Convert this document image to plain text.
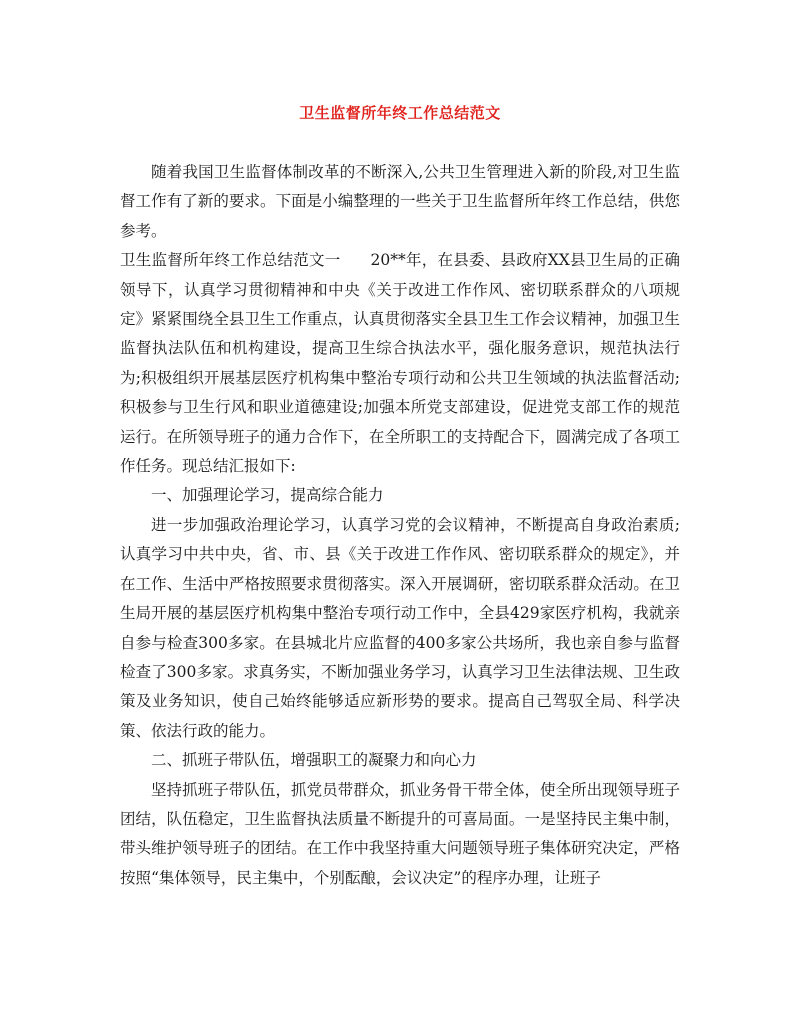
卫生监督所年终工作总结范文

随着我国卫生监督体制改革的不断深入,公共卫生管理进入新的阶段,对卫生监督工作有了新的要求。下面是小编整理的一些关于卫生监督所年终工作总结，供您参考。

卫生监督所年终工作总结范文一 20**年，在县委、县政府XX县卫生局的正确领导下，认真学习贯彻精神和中央《关于改进工作作风、密切联系群众的八项规定》紧紧围绕全县卫生工作重点，认真贯彻落实全县卫生工作会议精神，加强卫生监督执法队伍和机构建设，提高卫生综合执法水平，强化服务意识，规范执法行为;积极组织开展基层医疗机构集中整治专项行动和公共卫生领域的执法监督活动;积极参与卫生行风和职业道德建设;加强本所党支部建设，促进党支部工作的规范运行。在所领导班子的通力合作下，在全所职工的支持配合下，圆满完成了各项工作任务。现总结汇报如下:

一、加强理论学习，提高综合能力

进一步加强政治理论学习，认真学习党的会议精神，不断提高自身政治素质;认真学习中共中央，省、市、县《关于改进工作作风、密切联系群众的规定》，并在工作、生活中严格按照要求贯彻落实。深入开展调研，密切联系群众活动。在卫生局开展的基层医疗机构集中整治专项行动工作中，全县429家医疗机构，我就亲自参与检查300多家。在县城北片应监督的400多家公共场所，我也亲自参与监督检查了300多家。求真务实，不断加强业务学习，认真学习卫生法律法规、卫生政策及业务知识，使自己始终能够适应新形势的要求。提高自己驾驭全局、科学决策、依法行政的能力。

二、抓班子带队伍，增强职工的凝聚力和向心力

坚持抓班子带队伍，抓党员带群众，抓业务骨干带全体，使全所出现领导班子团结，队伍稳定，卫生监督执法质量不断提升的可喜局面。一是坚持民主集中制，带头维护领导班子的团结。在工作中我坚持重大问题领导班子集体研究决定，严格按照“集体领导，民主集中，个别酝酿，会议决定”的程序办理，让班子
